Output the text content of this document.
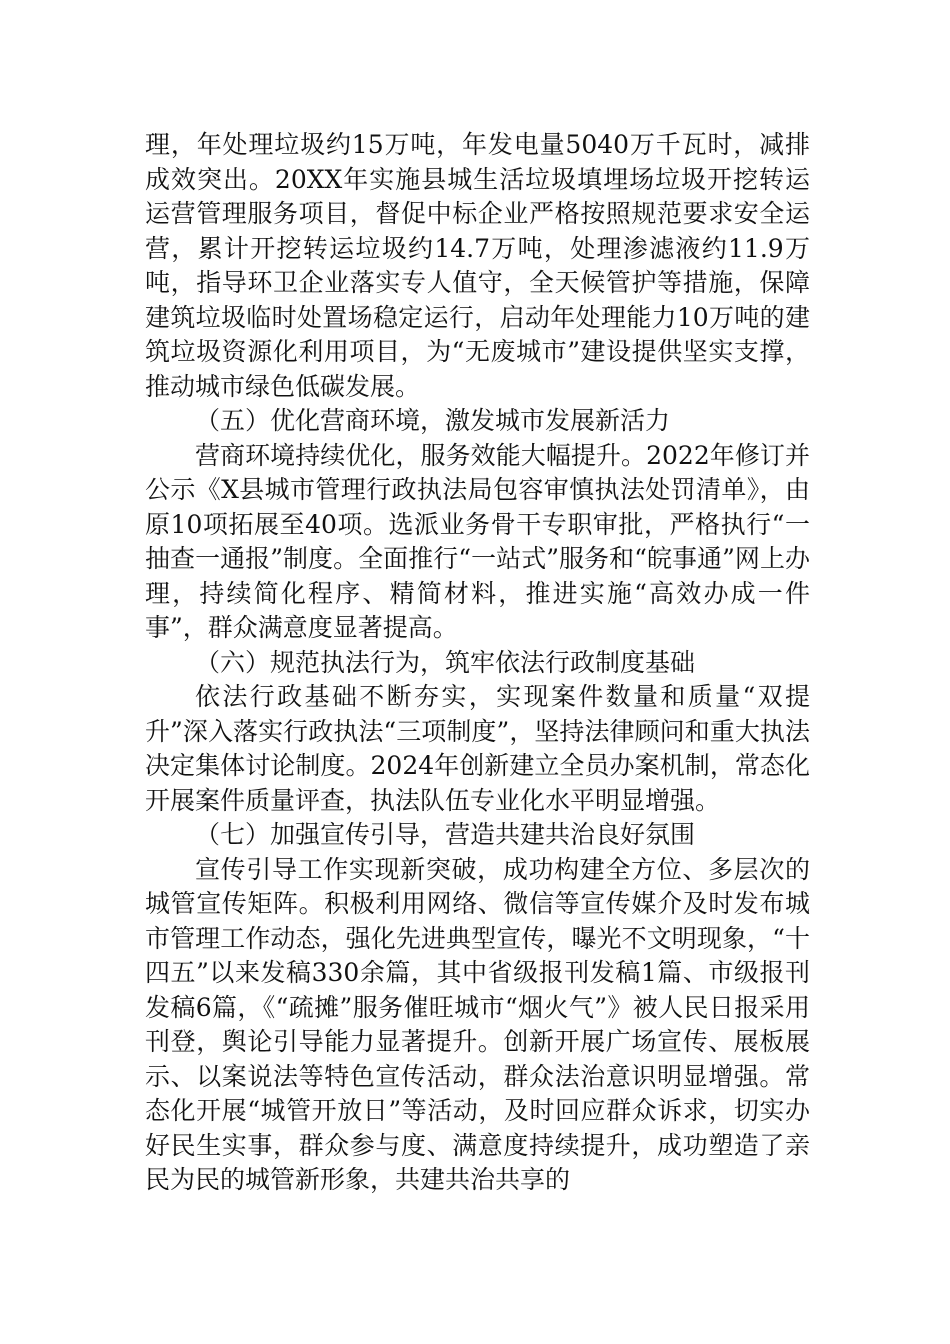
理，年处理垃圾约15万吨，年发电量5040万千瓦时，减排成效突出。20XX年实施县城生活垃圾填埋场垃圾开挖转运运营管理服务项目，督促中标企业严格按照规范要求安全运营，累计开挖转运垃圾约14.7万吨，处理渗滤液约11.9万吨，指导环卫企业落实专人值守，全天候管护等措施，保障建筑垃圾临时处置场稳定运行，启动年处理能力10万吨的建筑垃圾资源化利用项目，为“无废城市”建设提供坚实支撑，推动城市绿色低碳发展。

（五）优化营商环境，激发城市发展新活力

营商环境持续优化，服务效能大幅提升。2022年修订并公示《X县城市管理行政执法局包容审慎执法处罚清单》，由原10项拓展至40项。选派业务骨干专职审批，严格执行“一抽查一通报”制度。全面推行“一站式”服务和“皖事通”网上办理，持续简化程序、精简材料，推进实施“高效办成一件事”，群众满意度显著提高。

（六）规范执法行为，筑牢依法行政制度基础

依法行政基础不断夯实，实现案件数量和质量“双提升”深入落实行政执法“三项制度”，坚持法律顾问和重大执法决定集体讨论制度。2024年创新建立全员办案机制，常态化开展案件质量评查，执法队伍专业化水平明显增强。

（七）加强宣传引导，营造共建共治良好氛围

宣传引导工作实现新突破，成功构建全方位、多层次的城管宣传矩阵。积极利用网络、微信等宣传媒介及时发布城市管理工作动态，强化先进典型宣传，曝光不文明现象，“十四五”以来发稿330余篇，其中省级报刊发稿1篇、市级报刊发稿6篇，《“疏摊”服务催旺城市“烟火气”》被人民日报采用刊登，舆论引导能力显著提升。创新开展广场宣传、展板展示、以案说法等特色宣传活动，群众法治意识明显增强。常态化开展“城管开放日”等活动，及时回应群众诉求，切实办好民生实事，群众参与度、满意度持续提升，成功塑造了亲民为民的城管新形象，共建共治共享的
